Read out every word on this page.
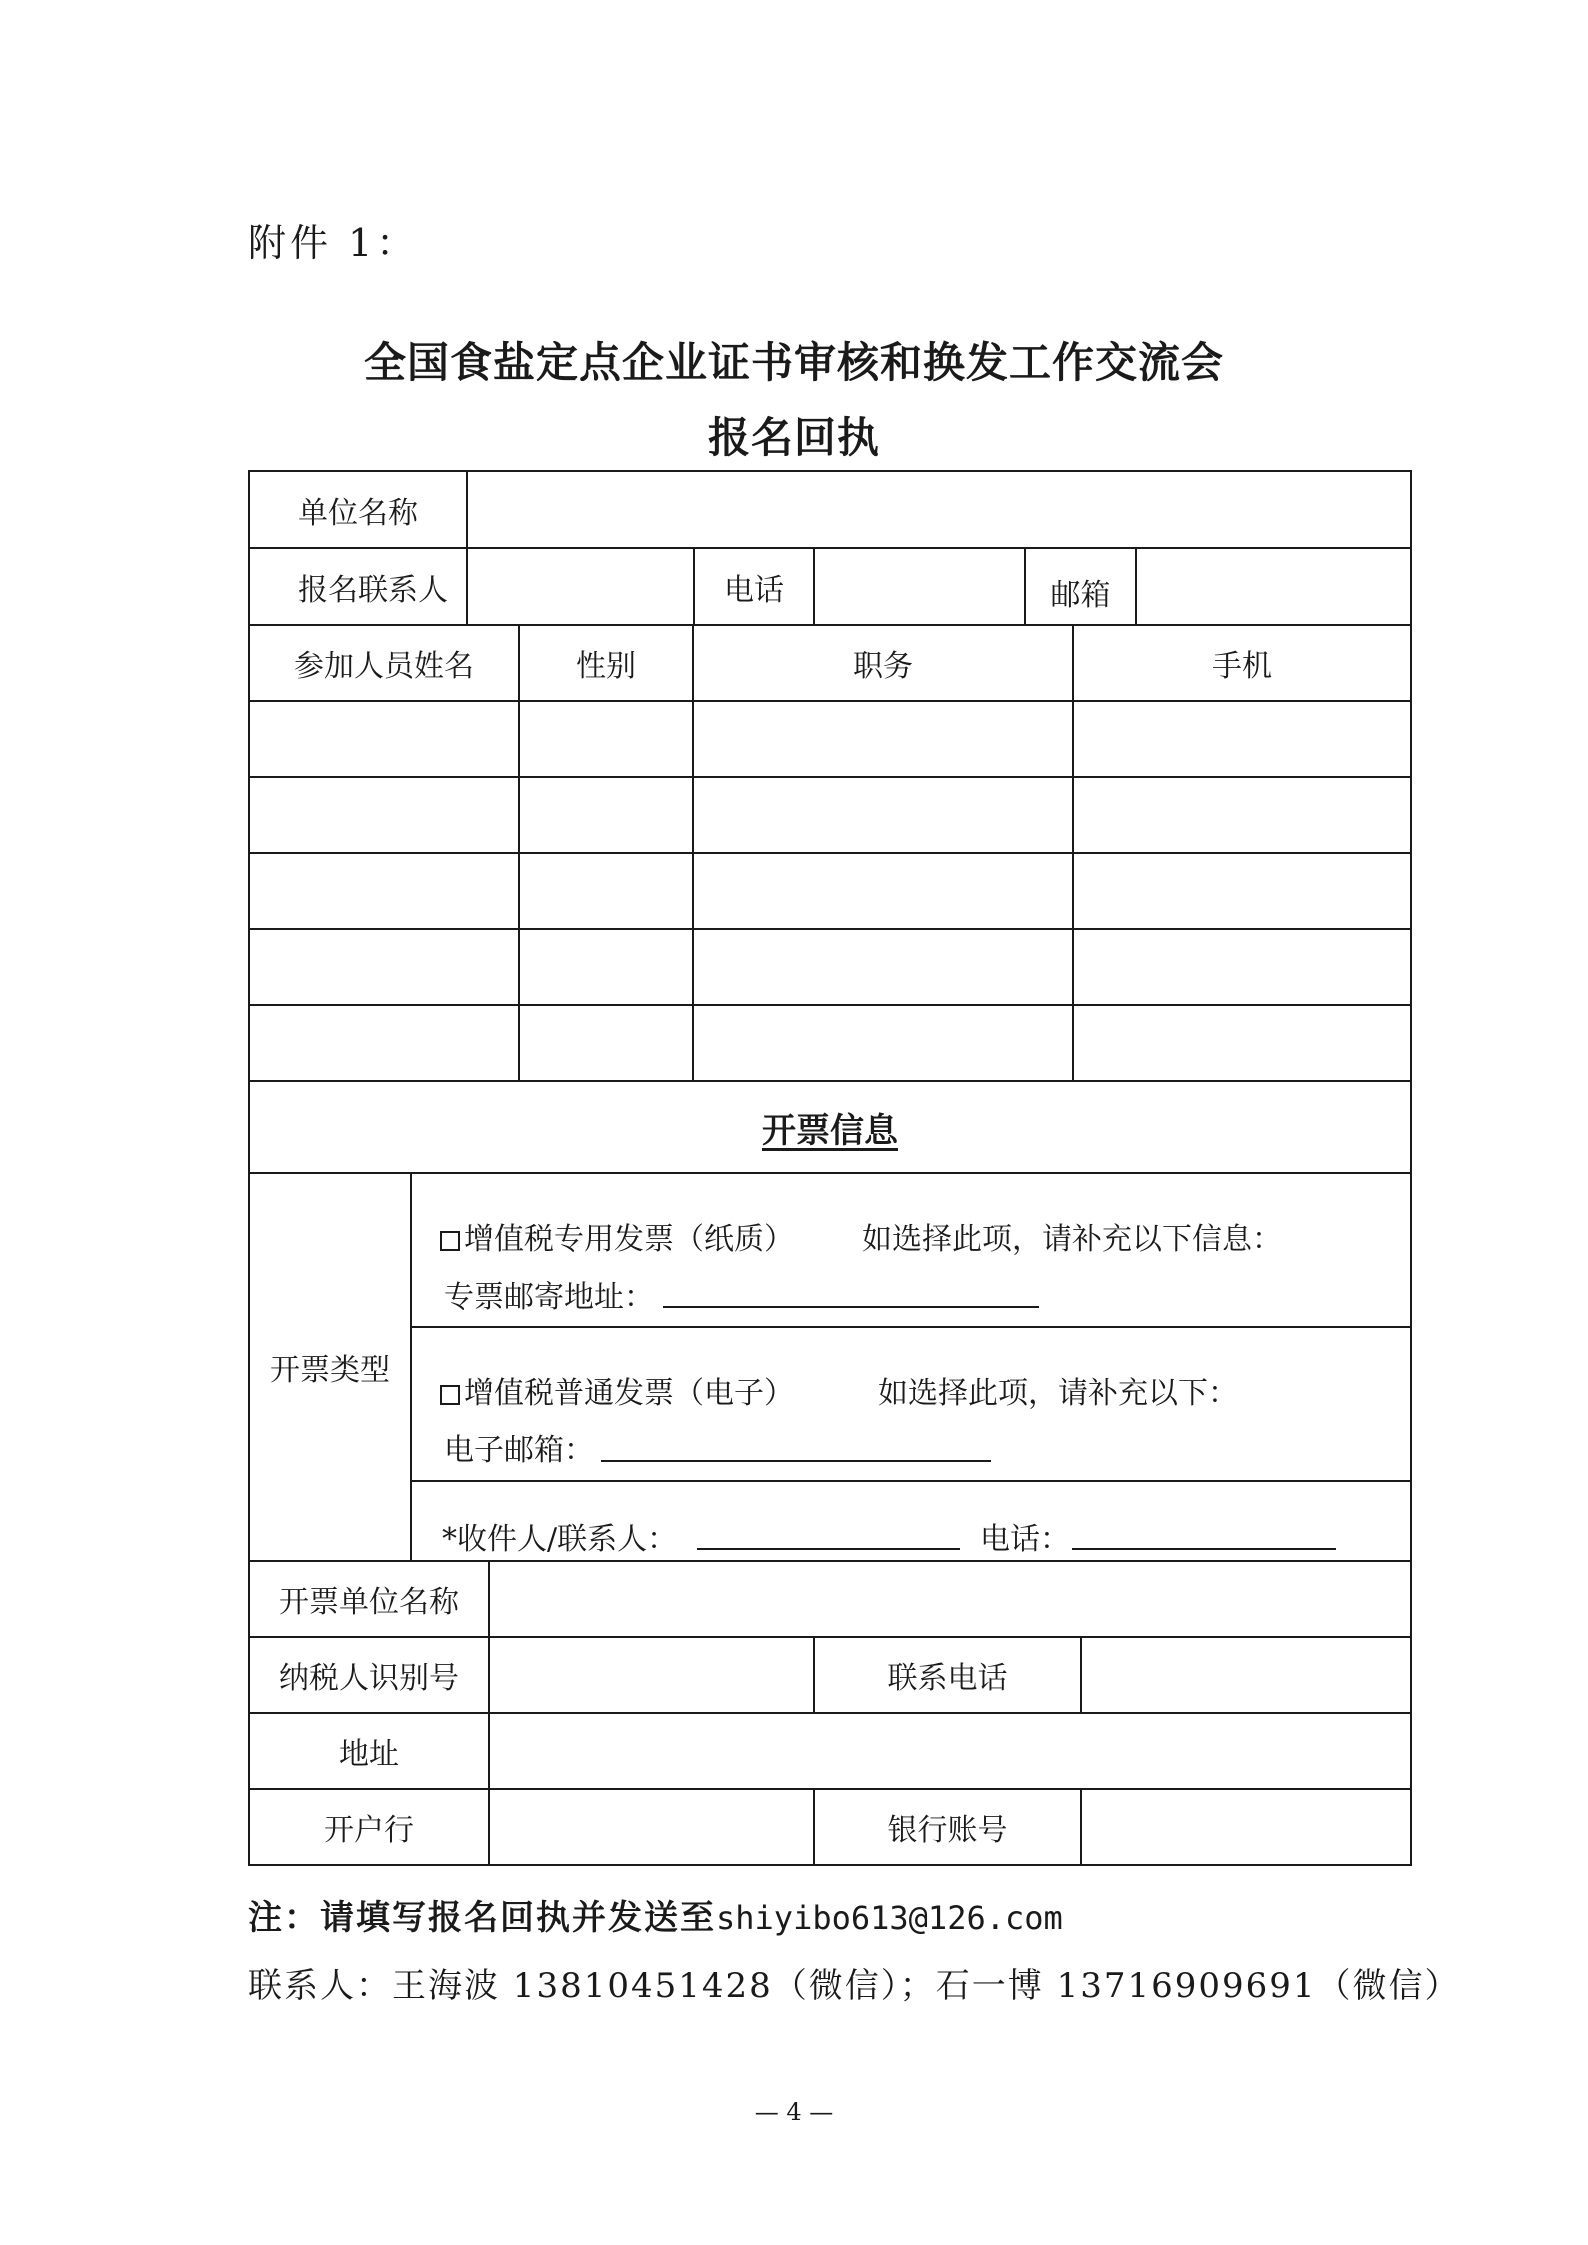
附件 1：
全国食盐定点企业证书审核和换发工作交流会
报名回执
单位名称
报名联系人	电话	邮箱
参加人员姓名	性别	职务	手机
开票信息
开票类型
增值税专用发票（纸质） 如选择此项，请补充以下信息：
专票邮寄地址：
增值税普通发票（电子）	如选择此项，请补充以下：
电子邮箱：
*收件人/联系人：	电话：
开票单位名称
纳税人识别号	联系电话
地址
开户行	银行账号
注：请填写报名回执并发送至shiyibo613@126.com
联系人：王海波 13810451428（微信）；石一博 13716909691（微信）
— 4 —
